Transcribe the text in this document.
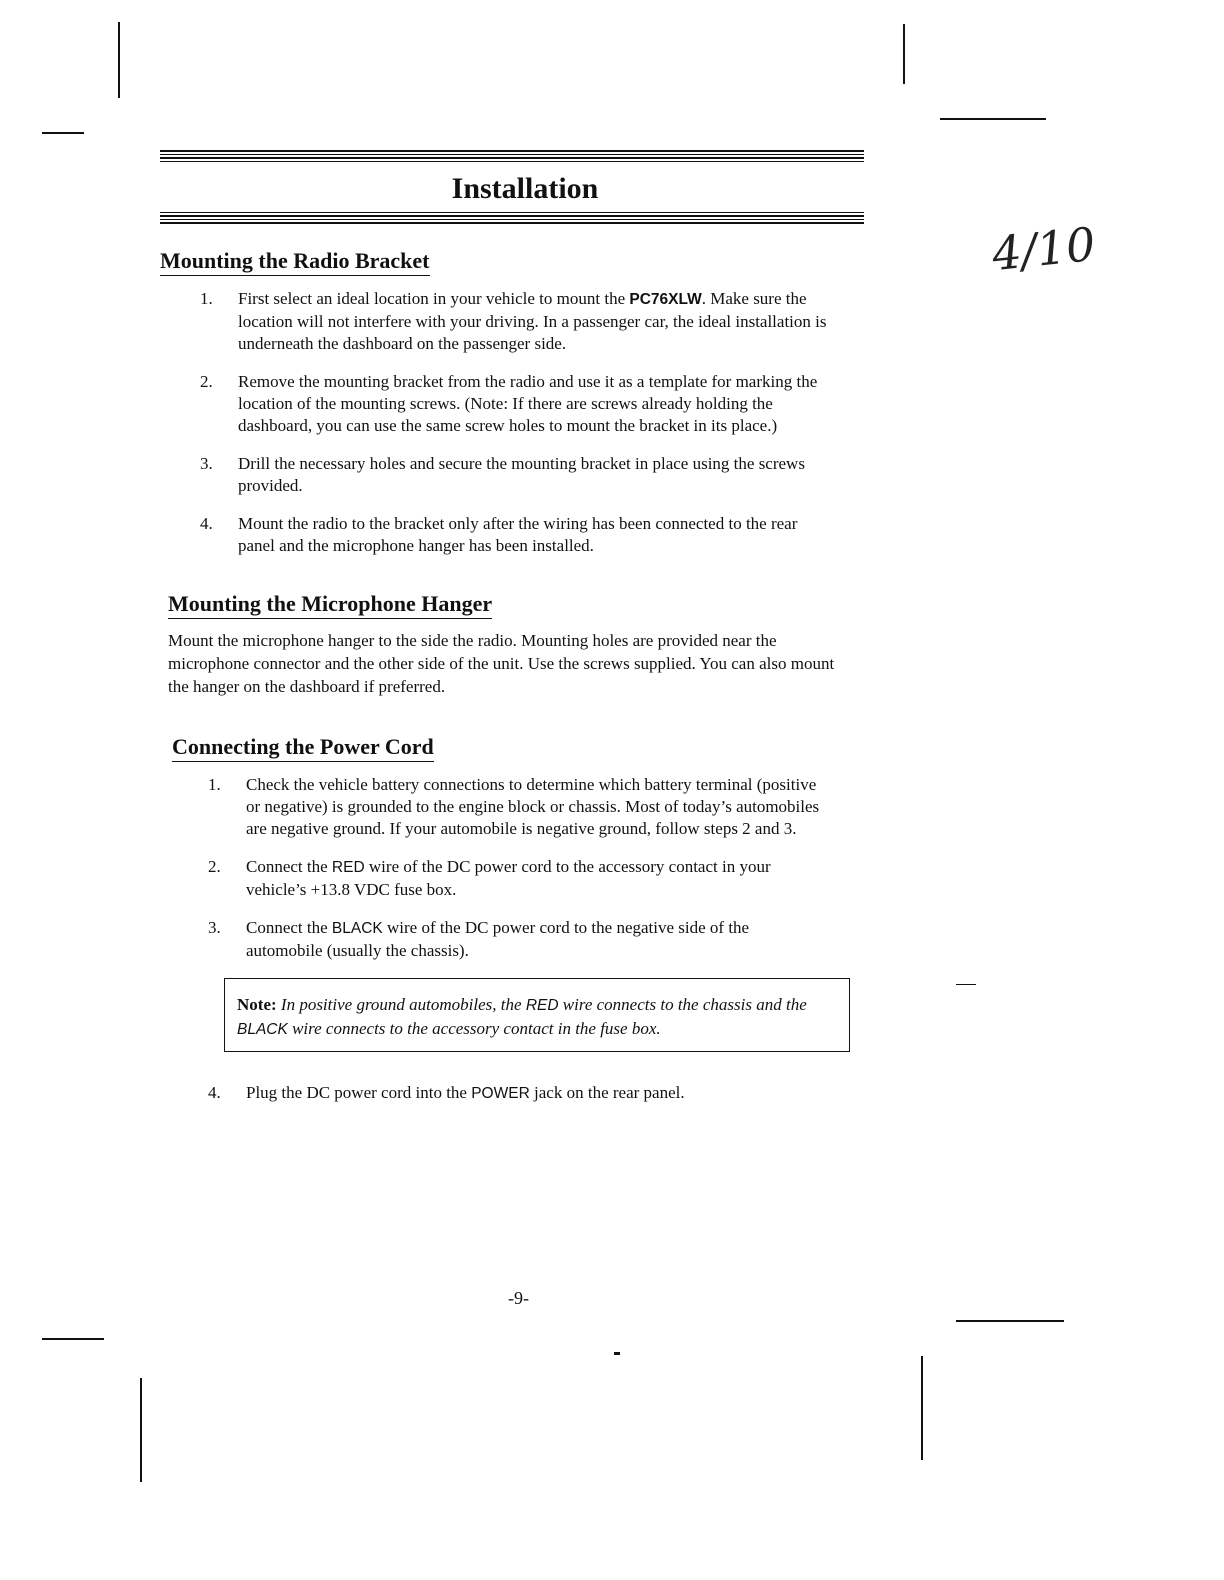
4/10
Installation
Mounting the Radio Bracket
1.	First select an ideal location in your vehicle to mount the PC76XLW. Make sure the location will not interfere with your driving. In a passenger car, the ideal installation is underneath the dashboard on the passenger side.
2.	Remove the mounting bracket from the radio and use it as a template for marking the location of the mounting screws. (Note: If there are screws already holding the dashboard, you can use the same screw holes to mount the bracket in its place.)
3.	Drill the necessary holes and secure the mounting bracket in place using the screws provided.
4.	Mount the radio to the bracket only after the wiring has been connected to the rear panel and the microphone hanger has been installed.
Mounting the Microphone Hanger
Mount the microphone hanger to the side the radio. Mounting holes are provided near the microphone connector and the other side of the unit. Use the screws supplied. You can also mount the hanger on the dashboard if preferred.
Connecting the Power Cord
1.	Check the vehicle battery connections to determine which battery terminal (positive or negative) is grounded to the engine block or chassis. Most of today’s automobiles are negative ground. If your automobile is negative ground, follow steps 2 and 3.
2.	Connect the RED wire of the DC power cord to the accessory contact in your vehicle’s +13.8 VDC fuse box.
3.	Connect the BLACK wire of the DC power cord to the negative side of the automobile (usually the chassis).
Note: In positive ground automobiles, the RED wire connects to the chassis and the BLACK wire connects to the accessory contact in the fuse box.
4.	Plug the DC power cord into the POWER jack on the rear panel.
-9-
